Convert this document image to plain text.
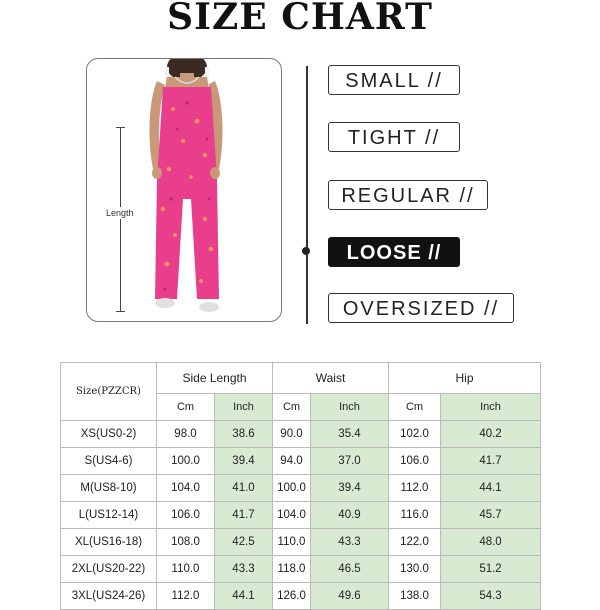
SIZE CHART
Length
SMALL //
TIGHT //
REGULAR //
LOOSE //
OVERSIZED //
Size(PZZCR)	Side Length		Waist		Hip	
	Cm	Inch	Cm	Inch	Cm	Inch
XS(US0-2)	98.0	38.6	90.0	35.4	102.0	40.2
S(US4-6)	100.0	39.4	94.0	37.0	106.0	41.7
M(US8-10)	104.0	41.0	100.0	39.4	112.0	44.1
L(US12-14)	106.0	41.7	104.0	40.9	116.0	45.7
XL(US16-18)	108.0	42.5	110.0	43.3	122.0	48.0
2XL(US20-22)	110.0	43.3	118.0	46.5	130.0	51.2
3XL(US24-26)	112.0	44.1	126.0	49.6	138.0	54.3
